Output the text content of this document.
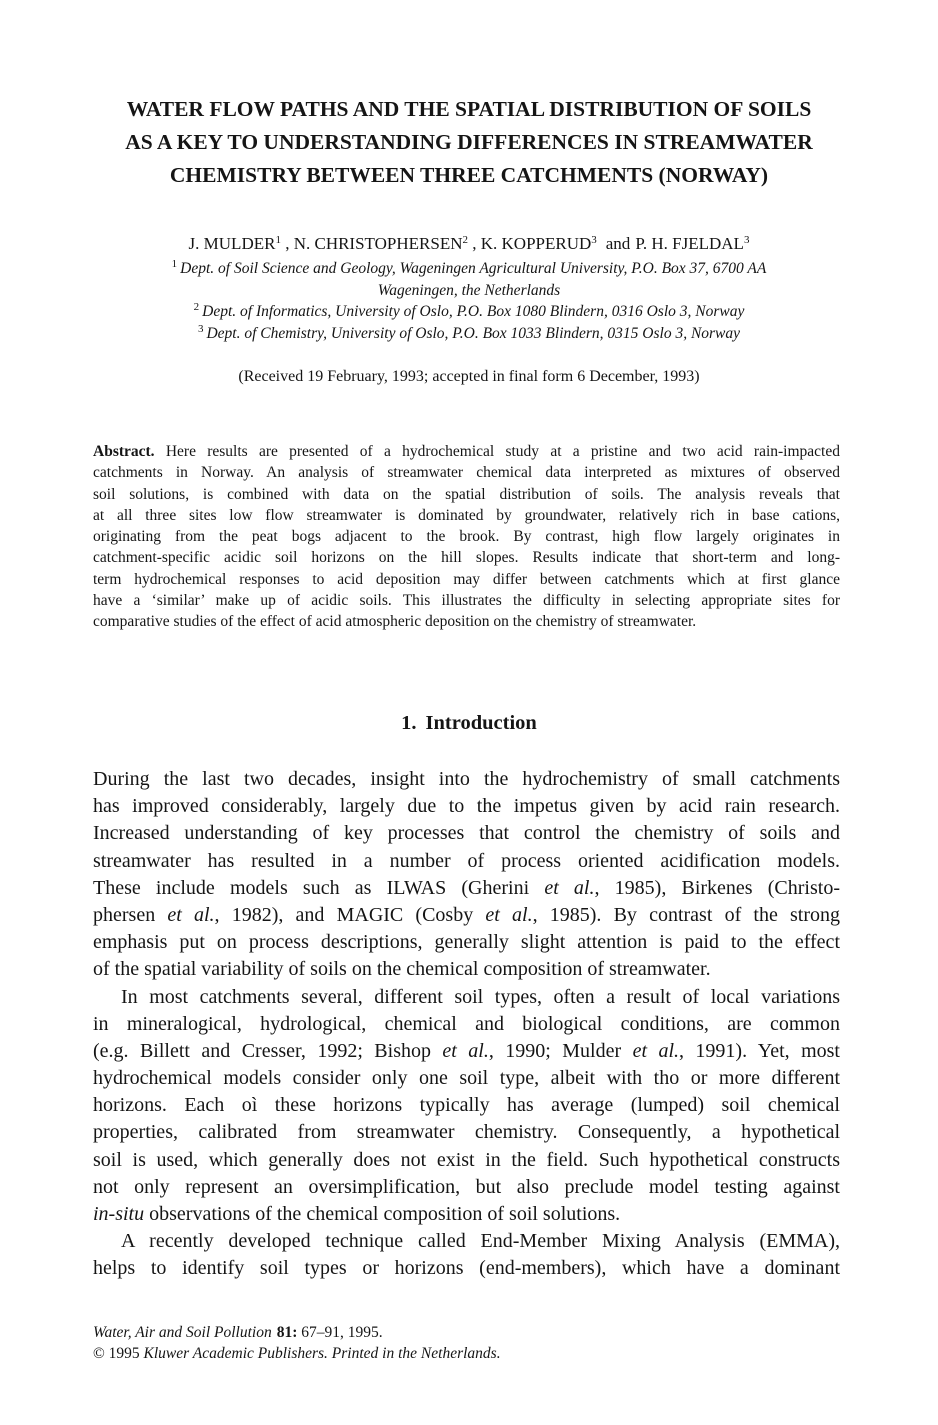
WATER FLOW PATHS AND THE SPATIAL DISTRIBUTION OF SOILS
AS A KEY TO UNDERSTANDING DIFFERENCES IN STREAMWATER
CHEMISTRY BETWEEN THREE CATCHMENTS (NORWAY)
J. MULDER$^1$ , N. CHRISTOPHERSEN$^2$ , K. KOPPERUD$^3$ and P. H. FJELDAL$^3$
$^1$ Dept. of Soil Science and Geology, Wageningen Agricultural University, P.O. Box 37, 6700 AA
Wageningen, the Netherlands
$^2$ Dept. of Informatics, University of Oslo, P.O. Box 1080 Blindern, 0316 Oslo 3, Norway
$^3$ Dept. of Chemistry, University of Oslo, P.O. Box 1033 Blindern, 0315 Oslo 3, Norway
(Received 19 February, 1993; accepted in final form 6 December, 1993)
Abstract. Here results are presented of a hydrochemical study at a pristine and two acid rain-impacted
catchments in Norway. An analysis of streamwater chemical data interpreted as mixtures of observed
soil solutions, is combined with data on the spatial distribution of soils. The analysis reveals that
at all three sites low flow streamwater is dominated by groundwater, relatively rich in base cations,
originating from the peat bogs adjacent to the brook. By contrast, high flow largely originates in
catchment-specific acidic soil horizons on the hill slopes. Results indicate that short-term and long-
term hydrochemical responses to acid deposition may differ between catchments which at first glance
have a ‘similar’ make up of acidic soils. This illustrates the difficulty in selecting appropriate sites for
comparative studies of the effect of acid atmospheric deposition on the chemistry of streamwater.
1. Introduction
During the last two decades, insight into the hydrochemistry of small catchments
has improved considerably, largely due to the impetus given by acid rain research.
Increased understanding of key processes that control the chemistry of soils and
streamwater has resulted in a number of process oriented acidification models.
These include models such as ILWAS (Gherini et al., 1985), Birkenes (Christo-
phersen et al., 1982), and MAGIC (Cosby et al., 1985). By contrast of the strong
emphasis put on process descriptions, generally slight attention is paid to the effect
of the spatial variability of soils on the chemical composition of streamwater.
In most catchments several, different soil types, often a result of local variations
in mineralogical, hydrological, chemical and biological conditions, are common
(e.g. Billett and Cresser, 1992; Bishop et al., 1990; Mulder et al., 1991). Yet, most
hydrochemical models consider only one soil type, albeit with tho or more different
horizons. Each oì these horizons typically has average (lumped) soil chemical
properties, calibrated from streamwater chemistry. Consequently, a hypothetical
soil is used, which generally does not exist in the field. Such hypothetical constructs
not only represent an oversimplification, but also preclude model testing against
in-situ observations of the chemical composition of soil solutions.
A recently developed technique called End-Member Mixing Analysis (EMMA),
helps to identify soil types or horizons (end-members), which have a dominant
Water, Air and Soil Pollution 81: 67–91, 1995.
© 1995 Kluwer Academic Publishers. Printed in the Netherlands.
